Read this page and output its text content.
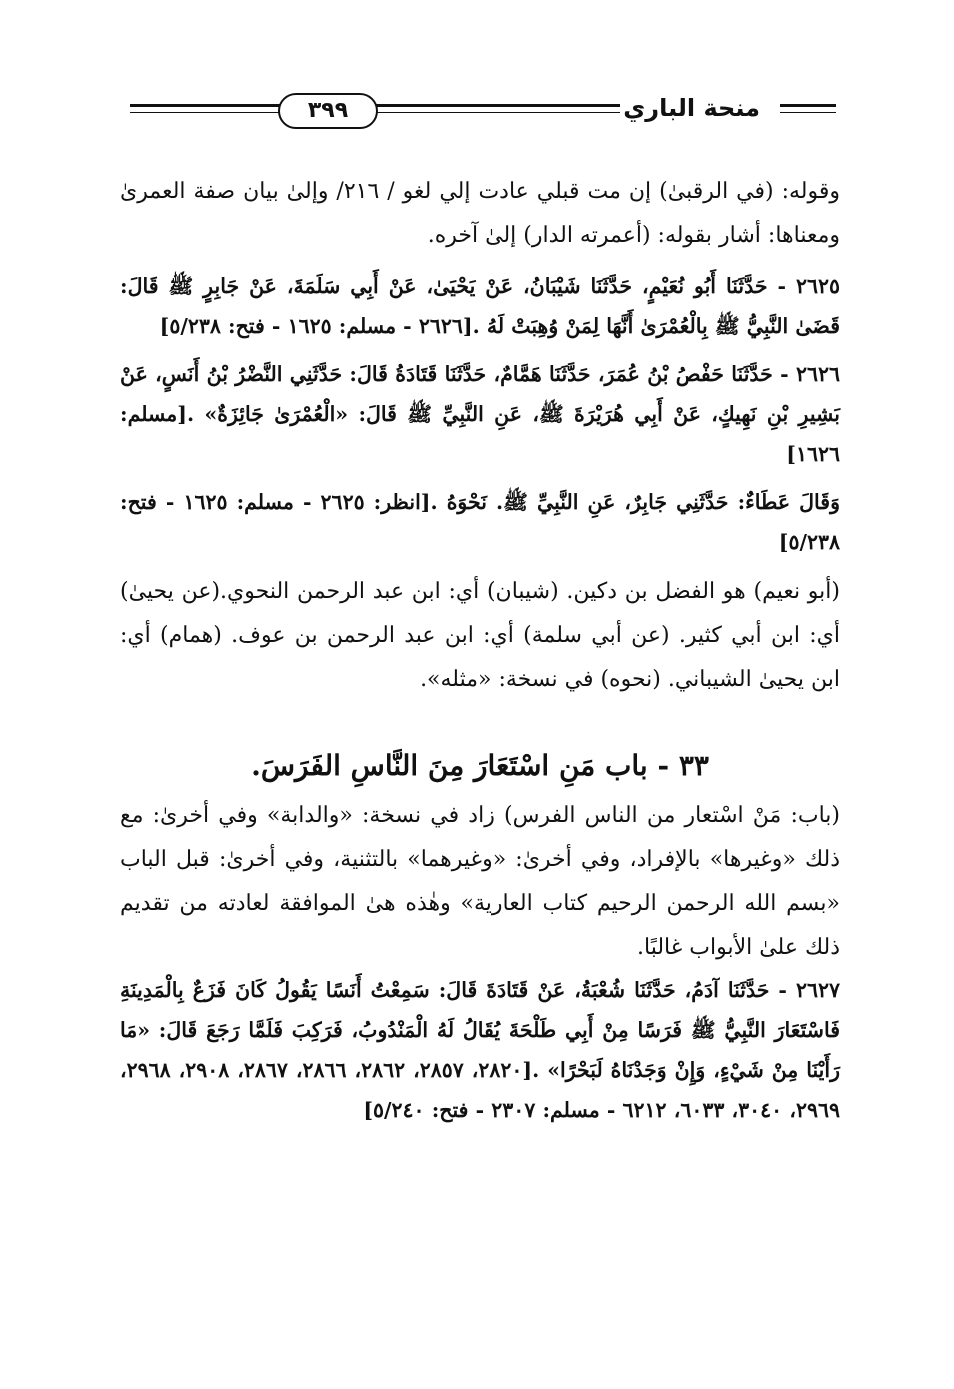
٣٩٩	منحة الباري

وقوله: (في الرقبىٰ) إن مت قبلي عادت إلي لغو / ٢١٦/ وإلىٰ بيان صفة العمرىٰ ومعناها: أشار بقوله: (أعمرته الدار) إلىٰ آخره.

٢٦٢٥ - حَدَّثَنَا أَبُو نُعَيْمٍ، حَدَّثَنَا شَيْبَانُ، عَنْ يَحْيَىٰ، عَنْ أَبِي سَلَمَةَ، عَنْ جَابِرٍ ﷺ قَالَ: قَضَىٰ النَّبِيُّ ﷺ بِالْعُمْرَىٰ أَنَّهَا لِمَنْ وُهِبَتْ لَهُ .[٢٦٢٦ - مسلم: ١٦٢٥ - فتح: ٥/٢٣٨]

٢٦٢٦ - حَدَّثَنَا حَفْصُ بْنُ عُمَرَ، حَدَّثَنَا هَمَّامٌ، حَدَّثَنَا قَتَادَةُ قَالَ: حَدَّثَنِي النَّضْرُ بْنُ أَنَسٍ، عَنْ بَشِيرِ بْنِ نَهِيكٍ، عَنْ أَبِي هُرَيْرَةَ ﷺ، عَنِ النَّبِيِّ ﷺ قَالَ: «الْعُمْرَىٰ جَائِزَةٌ» .[مسلم: ١٦٢٦]

وَقَالَ عَطَاءٌ: حَدَّثَنِي جَابِرٌ، عَنِ النَّبِيِّ ﷺ. نَحْوَهُ .[انظر: ٢٦٢٥ - مسلم: ١٦٢٥ - فتح: ٥/٢٣٨]

(أبو نعيم) هو الفضل بن دكين. (شيبان) أي: ابن عبد الرحمن النحوي.(عن يحيىٰ) أي: ابن أبي كثير. (عن أبي سلمة) أي: ابن عبد الرحمن بن عوف. (همام) أي: ابن يحيىٰ الشيباني. (نحوه) في نسخة: «مثله».

٣٣ - باب مَنِ اسْتَعَارَ مِنَ النَّاسِ الفَرَسَ.

(باب: مَنْ اسْتعار من الناس الفرس) زاد في نسخة: «والدابة» وفي أخرىٰ: مع ذلك «وغيرها» بالإفراد، وفي أخرىٰ: «وغيرهما» بالتثنية، وفي أخرىٰ: قبل الباب «بسم الله الرحمن الرحيم كتاب العارية» وهٰذه هىٰ الموافقة لعادته من تقديم ذلك علىٰ الأبواب غالبًا.

٢٦٢٧ - حَدَّثَنَا آدَمُ، حَدَّثَنَا شُعْبَةُ، عَنْ قَتَادَةَ قَالَ: سَمِعْتُ أَنَسًا يَقُولُ كَانَ فَزَعٌ بِالْمَدِينَةِ فَاسْتَعَارَ النَّبِيُّ ﷺ فَرَسًا مِنْ أَبِي طَلْحَةَ يُقَالُ لَهُ الْمَنْدُوبُ، فَرَكِبَ فَلَمَّا رَجَعَ قَالَ: «مَا رَأَيْنَا مِنْ شَيْءٍ، وَإِنْ وَجَدْنَاهُ لَبَحْرًا» .[٢٨٢٠، ٢٨٥٧، ٢٨٦٢، ٢٨٦٦، ٢٨٦٧، ٢٩٠٨، ٢٩٦٨، ٢٩٦٩، ٣٠٤٠، ٦٠٣٣، ٦٢١٢ - مسلم: ٢٣٠٧ - فتح: ٥/٢٤٠]
